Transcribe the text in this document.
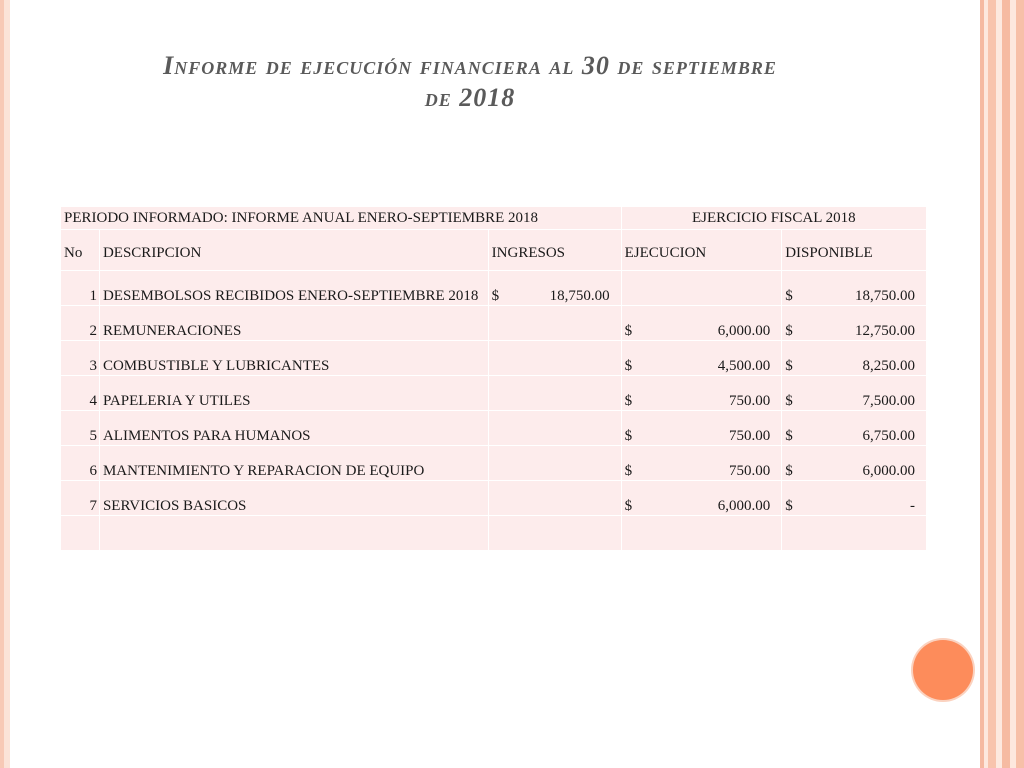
Informe de ejecución financiera al 30 de septiembre
de 2018
PERIODO INFORMADO: INFORME ANUAL ENERO-SEPTIEMBRE 2018			EJERCICIO FISCAL 2018	
No	DESCRIPCION	INGRESOS	EJECUCION	DISPONIBLE
1	DESEMBOLSOS RECIBIDOS ENERO-SEPTIEMBRE 2018	$ 18,750.00		$ 18,750.00

2	REMUNERACIONES		$ 6,000.00	$ 12,750.00

3	COMBUSTIBLE Y LUBRICANTES		$ 4,500.00	$ 8,250.00

4	PAPELERIA Y UTILES		$ 750.00	$ 7,500.00

5	ALIMENTOS PARA HUMANOS		$ 750.00	$ 6,750.00

6	MANTENIMIENTO Y REPARACION DE EQUIPO		$ 750.00	$ 6,000.00

7	SERVICIOS BASICOS		$ 6,000.00	$ -
